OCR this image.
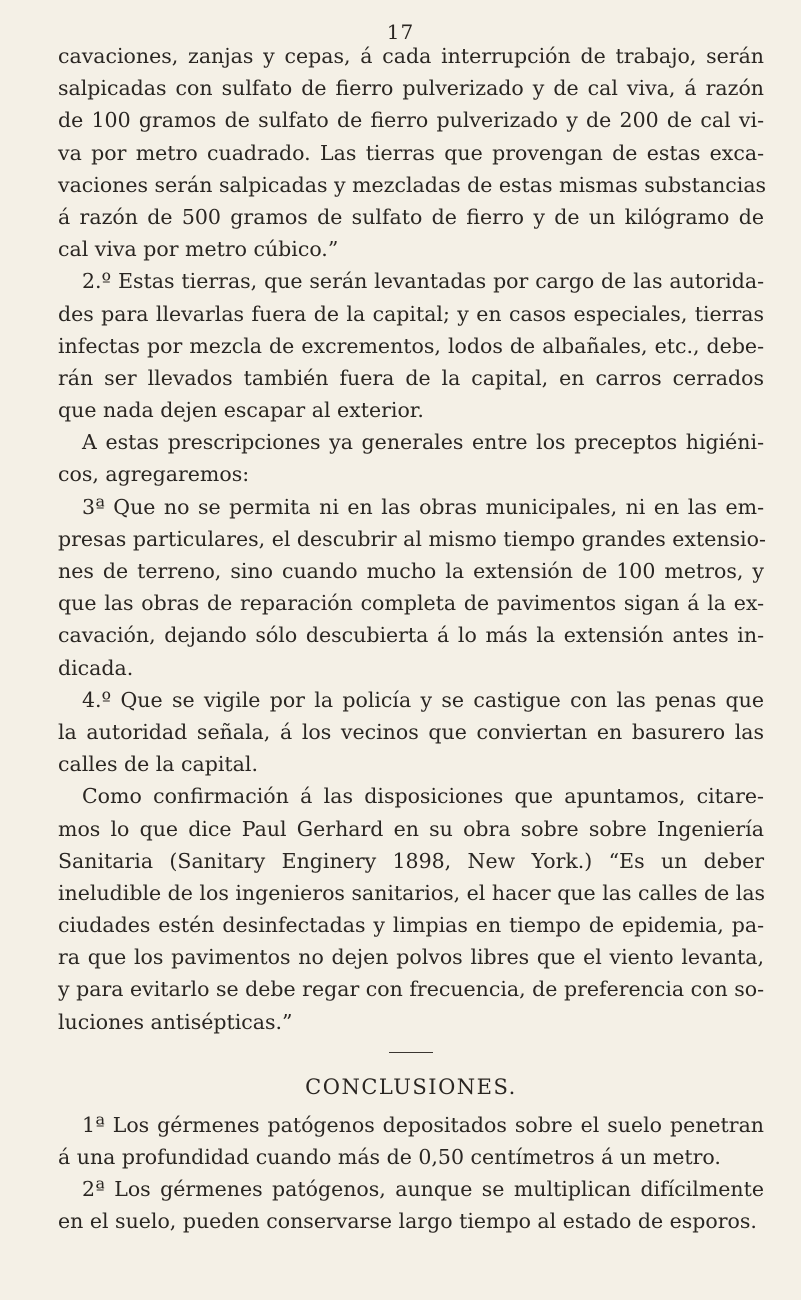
17
cavaciones, zanjas y cepas, á cada interrupción de trabajo, serán
salpicadas con sulfato de fierro pulverizado y de cal viva, á razón
de 100 gramos de sulfato de fierro pulverizado y de 200 de cal vi-
va por metro cuadrado. Las tierras que provengan de estas exca-
vaciones serán salpicadas y mezcladas de estas mismas substancias
á razón de 500 gramos de sulfato de fierro y de un kilógramo de
cal viva por metro cúbico.”
2.º Estas tierras, que serán levantadas por cargo de las autorida-
des para llevarlas fuera de la capital; y en casos especiales, tierras
infectas por mezcla de excrementos, lodos de albañales, etc., debe-
rán ser llevados también fuera de la capital, en carros cerrados
que nada dejen escapar al exterior.
A estas prescripciones ya generales entre los preceptos higiéni-
cos, agregaremos:
3ª Que no se permita ni en las obras municipales, ni en las em-
presas particulares, el descubrir al mismo tiempo grandes extensio-
nes de terreno, sino cuando mucho la extensión de 100 metros, y
que las obras de reparación completa de pavimentos sigan á la ex-
cavación, dejando sólo descubierta á lo más la extensión antes in-
dicada.
4.º Que se vigile por la policía y se castigue con las penas que
la autoridad señala, á los vecinos que conviertan en basurero las
calles de la capital.
Como confirmación á las disposiciones que apuntamos, citare-
mos lo que dice Paul Gerhard en su obra sobre sobre Ingeniería
Sanitaria (Sanitary Enginery 1898, New York.) “Es un deber
ineludible de los ingenieros sanitarios, el hacer que las calles de las
ciudades estén desinfectadas y limpias en tiempo de epidemia, pa-
ra que los pavimentos no dejen polvos libres que el viento levanta,
y para evitarlo se debe regar con frecuencia, de preferencia con so-
luciones antisépticas.”
CONCLUSIONES.
1ª Los gérmenes patógenos depositados sobre el suelo penetran
á una profundidad cuando más de 0,50 centímetros á un metro.
2ª Los gérmenes patógenos, aunque se multiplican difícilmente
en el suelo, pueden conservarse largo tiempo al estado de esporos.
